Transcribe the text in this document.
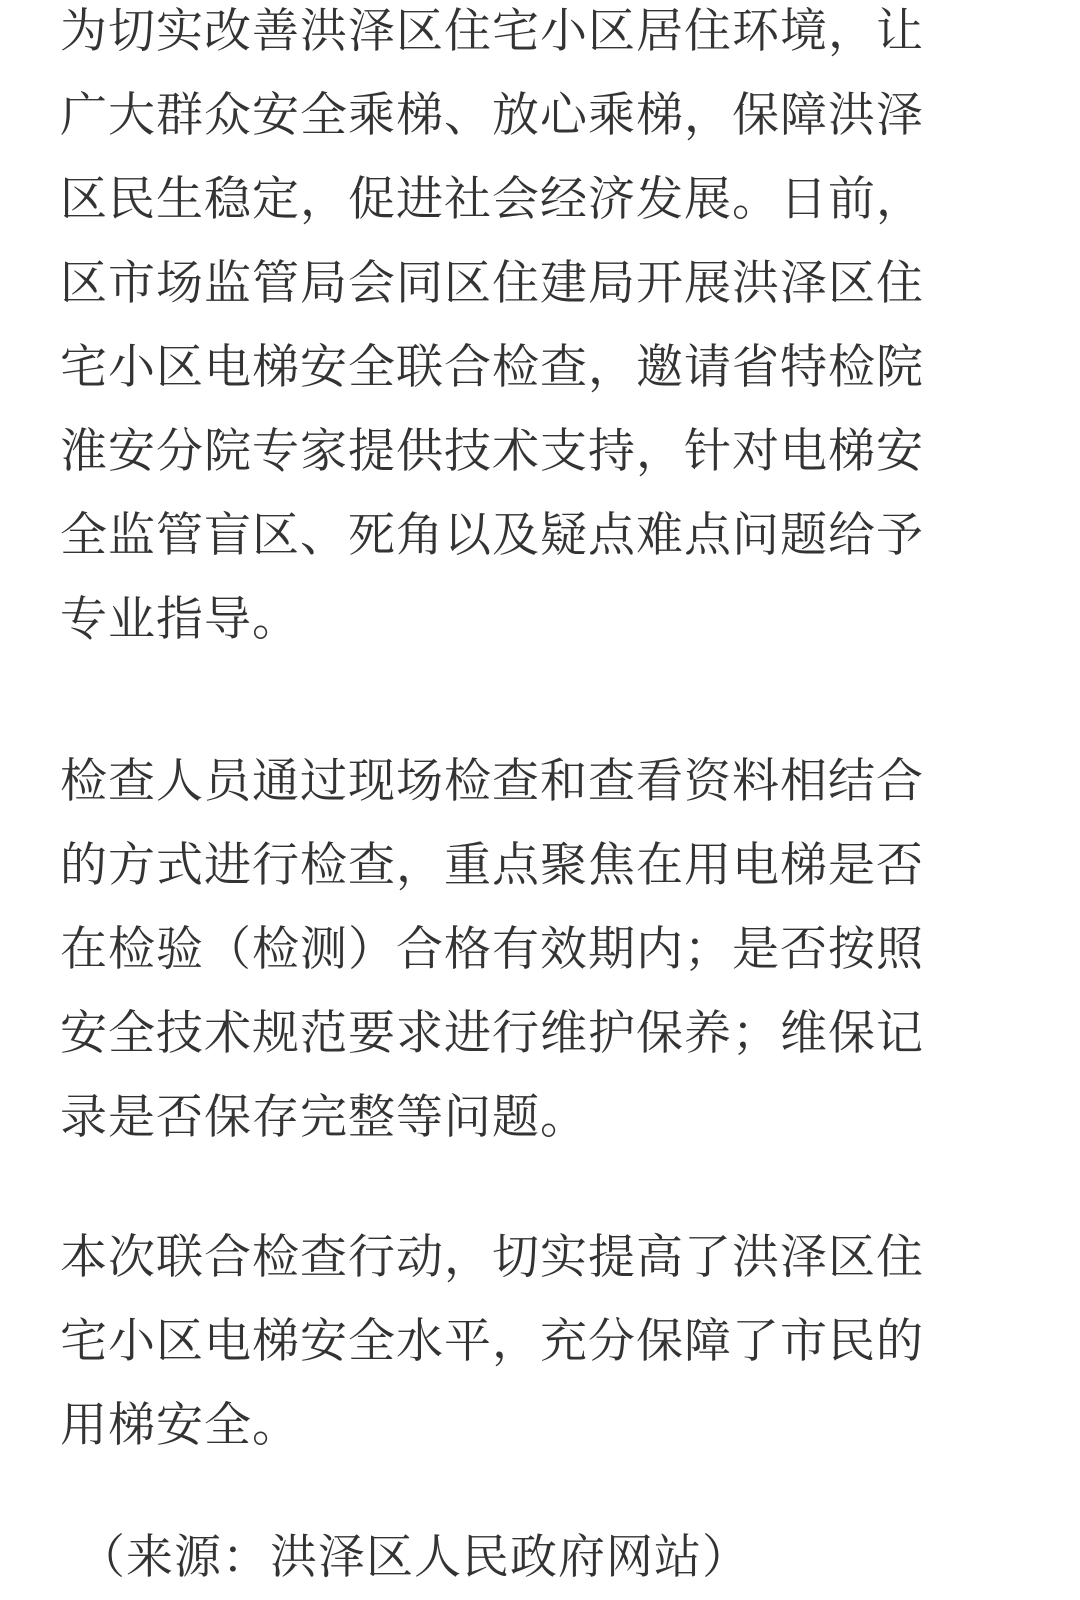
为切实改善洪泽区住宅小区居住环境，让
广大群众安全乘梯、放心乘梯，保障洪泽
区民生稳定，促进社会经济发展。日前，
区市场监管局会同区住建局开展洪泽区住
宅小区电梯安全联合检查，邀请省特检院
淮安分院专家提供技术支持，针对电梯安
全监管盲区、死角以及疑点难点问题给予
专业指导。
检查人员通过现场检查和查看资料相结合
的方式进行检查，重点聚焦在用电梯是否
在检验（检测）合格有效期内；是否按照
安全技术规范要求进行维护保养；维保记
录是否保存完整等问题。
本次联合检查行动，切实提高了洪泽区住
宅小区电梯安全水平，充分保障了市民的
用梯安全。
（来源：洪泽区人民政府网站）
